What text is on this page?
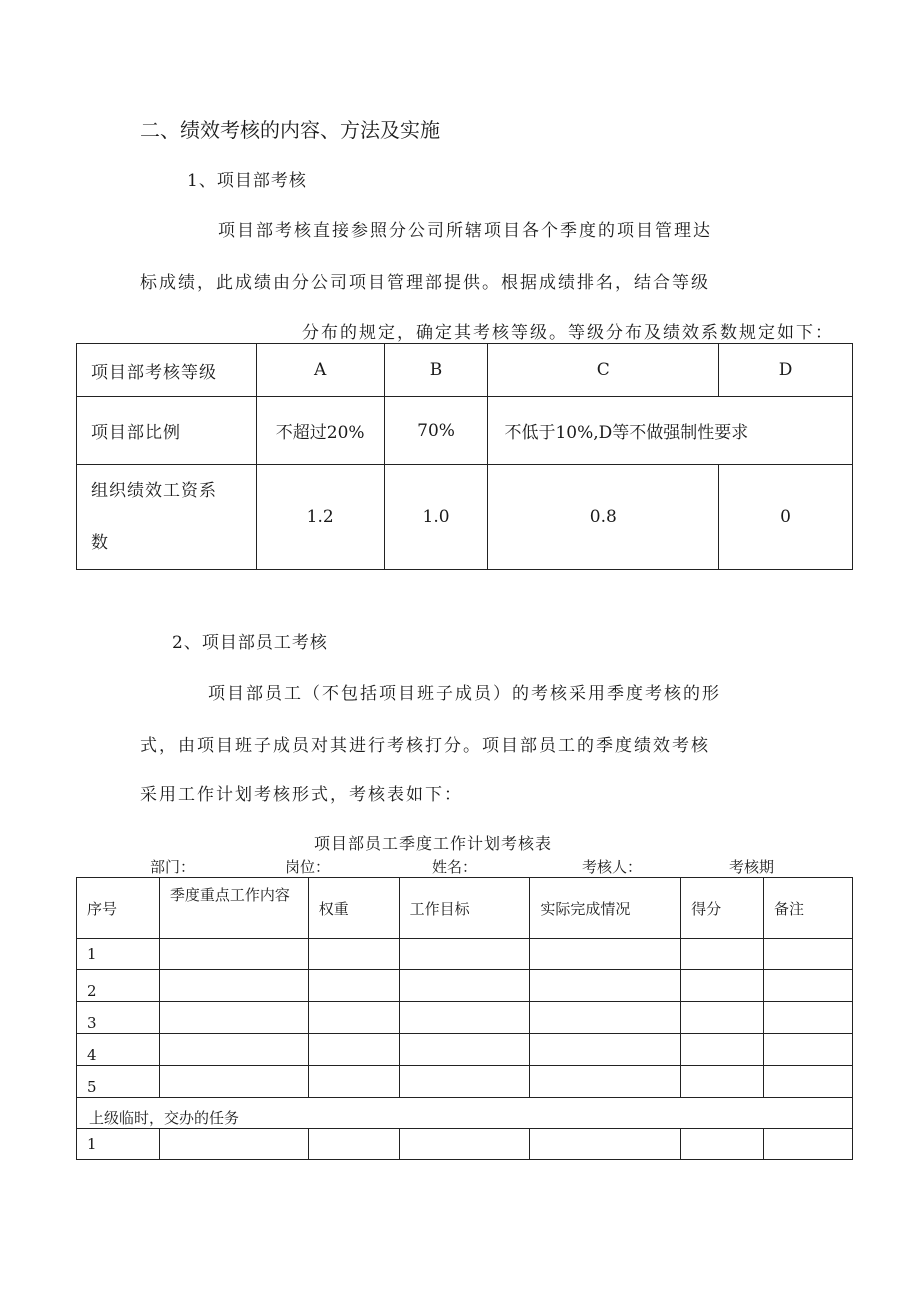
二、绩效考核的内容、方法及实施
1、项目部考核
项目部考核直接参照分公司所辖项目各个季度的项目管理达
标成绩，此成绩由分公司项目管理部提供。根据成绩排名，结合等级
分布的规定，确定其考核等级。等级分布及绩效系数规定如下：
项目部考核等级	A	B	C	D
项目部比例	不超过20%	70%	不低于10%,D等不做强制性要求	
组织绩效工资系
数	1.2	1.0	0.8	0
2、项目部员工考核
项目部员工（不包括项目班子成员）的考核采用季度考核的形
式，由项目班子成员对其进行考核打分。项目部员工的季度绩效考核
采用工作计划考核形式，考核表如下：
项目部员工季度工作计划考核表
部门：	岗位：	姓名：	考核人：	考核期
序号	季度重点工作内容	权重	工作目标	实际完成情况	得分	备注
1						
2						
3						
4						
5						
上级临时，交办的任务						
1						
